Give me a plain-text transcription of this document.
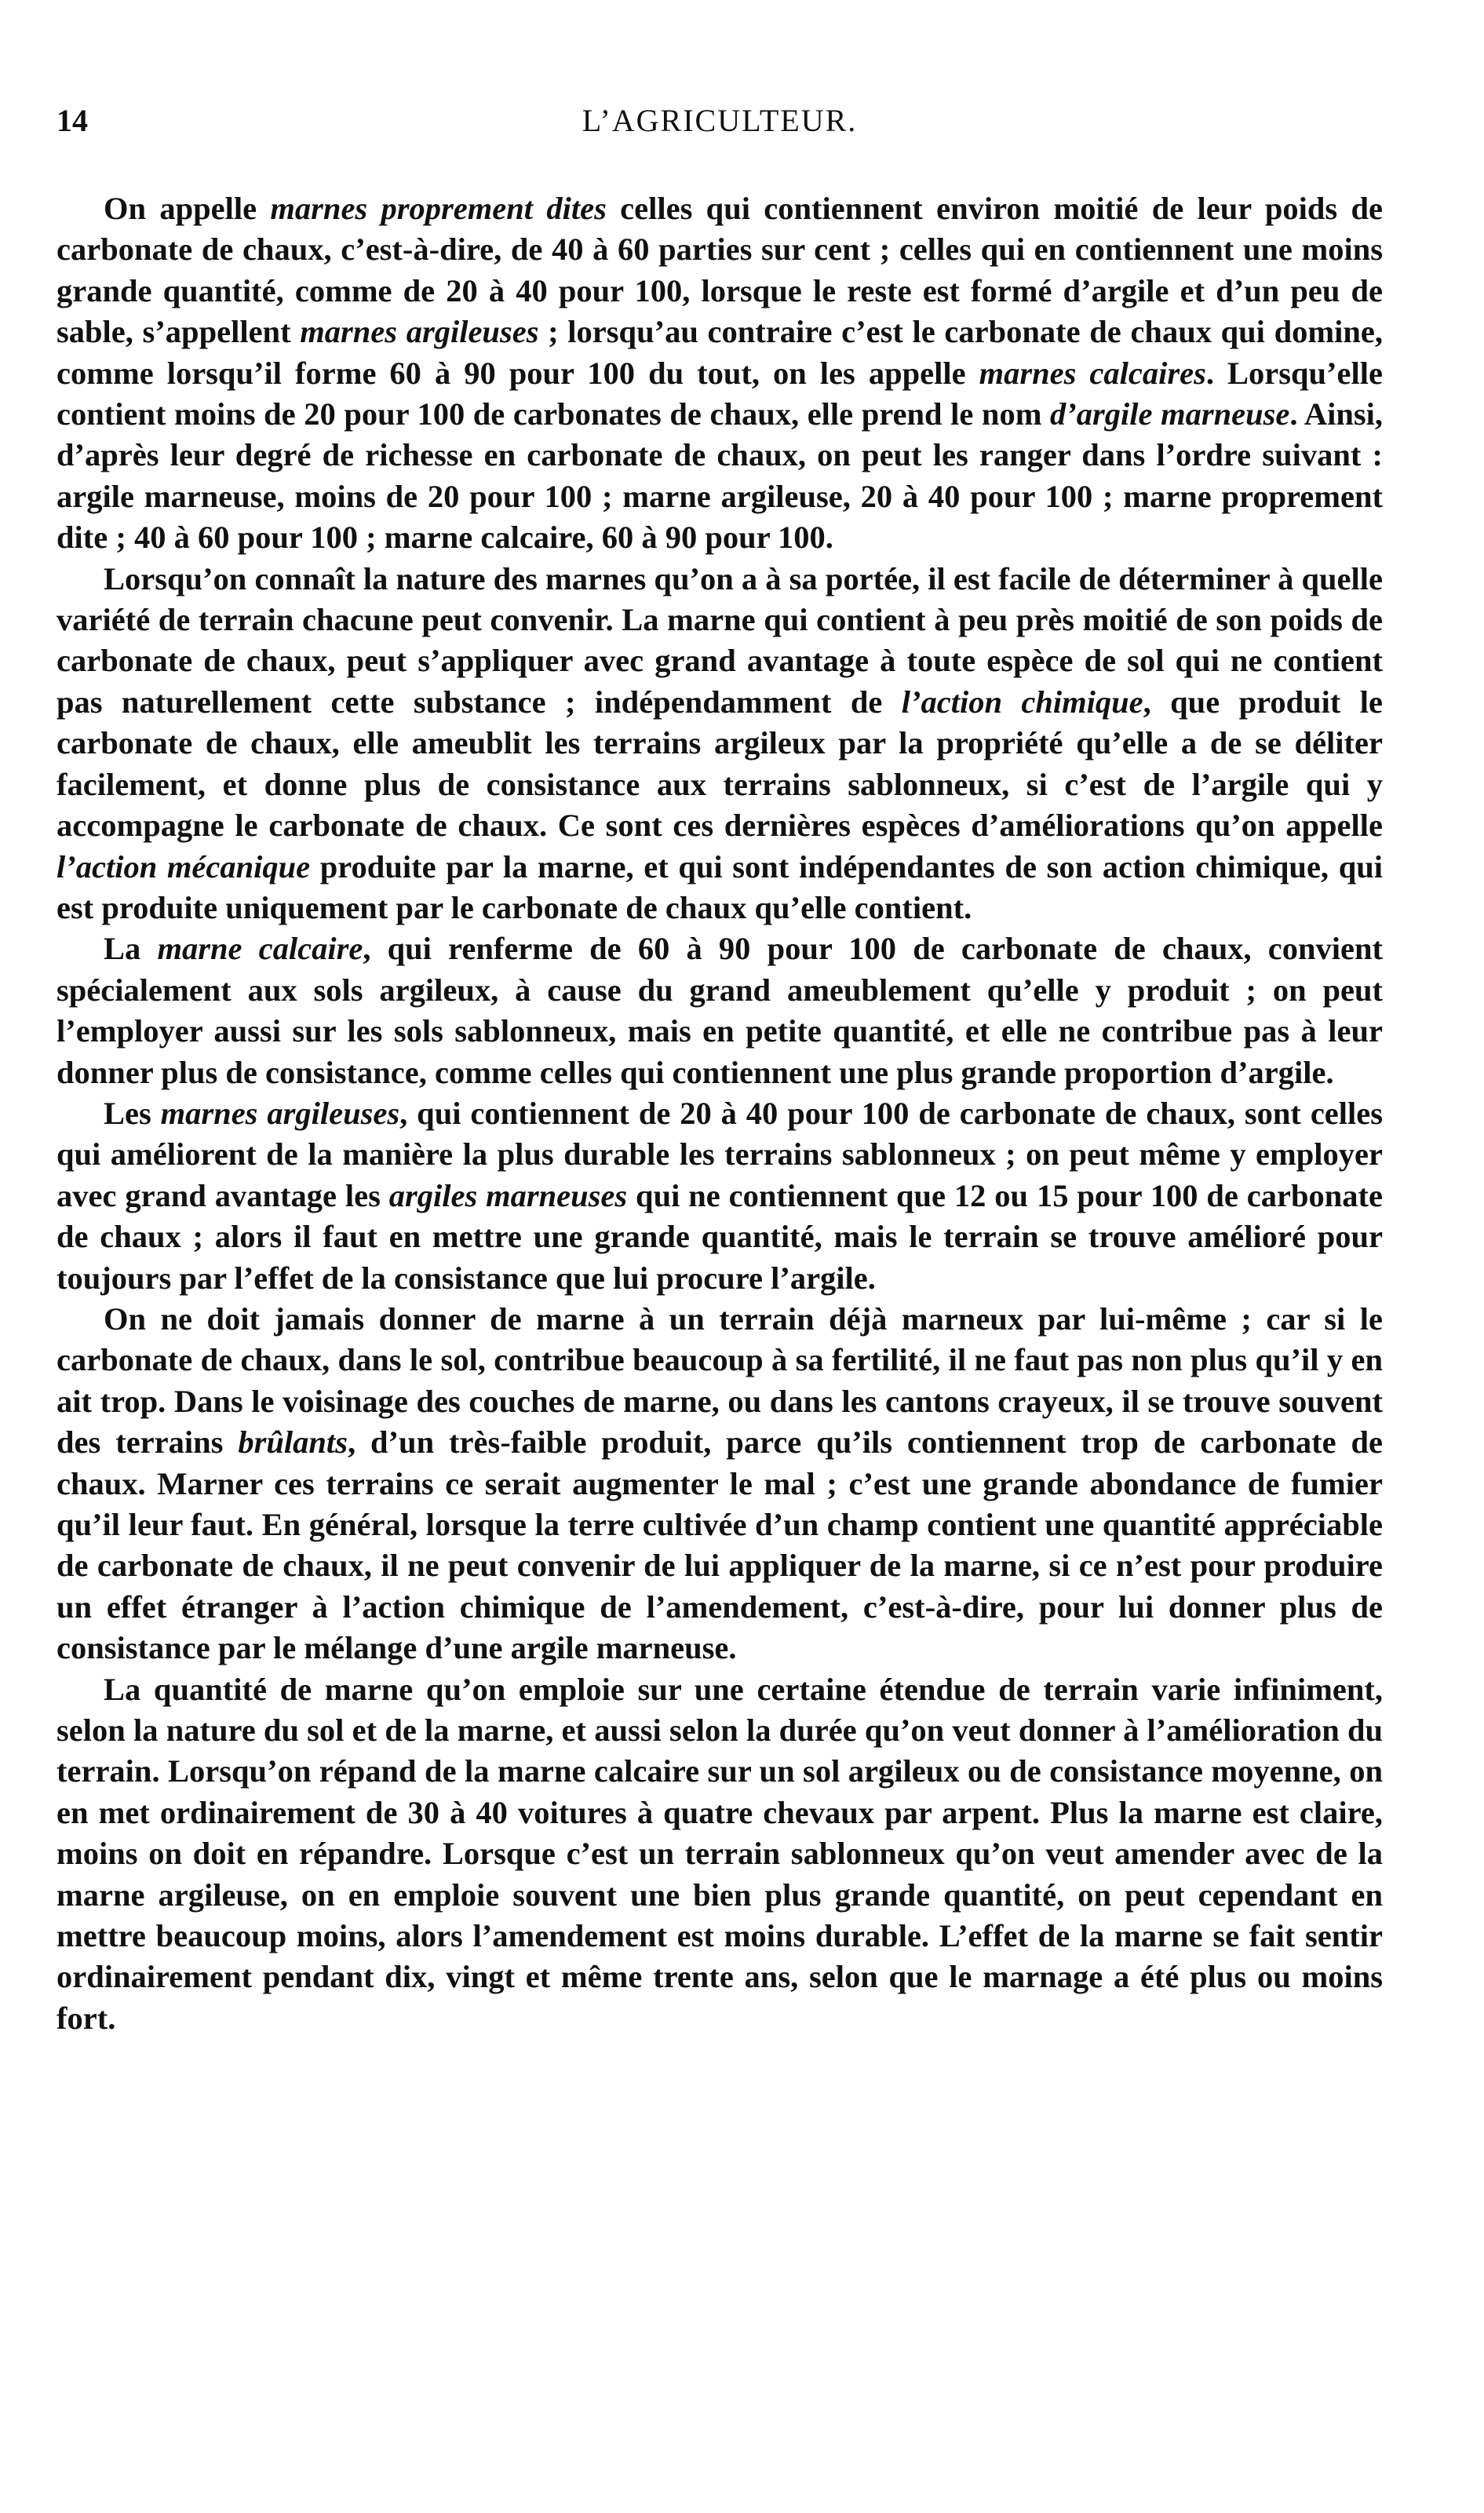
14	L’AGRICULTEUR.

On appelle marnes proprement dites celles qui contiennent environ moitié de leur poids de carbonate de chaux, c’est-à-dire, de 40 à 60 parties sur cent ; celles qui en contiennent une moins grande quantité, comme de 20 à 40 pour 100, lorsque le reste est formé d’argile et d’un peu de sable, s’appellent marnes argileuses ; lorsqu’au contraire c’est le carbonate de chaux qui domine, comme lorsqu’il forme 60 à 90 pour 100 du tout, on les appelle marnes calcaires. Lorsqu’elle contient moins de 20 pour 100 de carbonates de chaux, elle prend le nom d’argile marneuse. Ainsi, d’après leur degré de richesse en carbonate de chaux, on peut les ranger dans l’ordre suivant : argile marneuse, moins de 20 pour 100 ; marne argileuse, 20 à 40 pour 100 ; marne proprement dite ; 40 à 60 pour 100 ; marne calcaire, 60 à 90 pour 100.

Lorsqu’on connaît la nature des marnes qu’on a à sa portée, il est facile de déterminer à quelle variété de terrain chacune peut convenir. La marne qui contient à peu près moitié de son poids de carbonate de chaux, peut s’appliquer avec grand avantage à toute espèce de sol qui ne contient pas naturellement cette substance ; indépendamment de l’action chimique, que produit le carbonate de chaux, elle ameublit les terrains argileux par la propriété qu’elle a de se déliter facilement, et donne plus de consistance aux terrains sablonneux, si c’est de l’argile qui y accompagne le carbonate de chaux. Ce sont ces dernières espèces d’améliorations qu’on appelle l’action mécanique produite par la marne, et qui sont indépendantes de son action chimique, qui est produite uniquement par le carbonate de chaux qu’elle contient.

La marne calcaire, qui renferme de 60 à 90 pour 100 de carbonate de chaux, convient spécialement aux sols argileux, à cause du grand ameublement qu’elle y produit ; on peut l’employer aussi sur les sols sablonneux, mais en petite quantité, et elle ne contribue pas à leur donner plus de consistance, comme celles qui contiennent une plus grande proportion d’argile.

Les marnes argileuses, qui contiennent de 20 à 40 pour 100 de carbonate de chaux, sont celles qui améliorent de la manière la plus durable les terrains sablonneux ; on peut même y employer avec grand avantage les argiles marneuses qui ne contiennent que 12 ou 15 pour 100 de carbonate de chaux ; alors il faut en mettre une grande quantité, mais le terrain se trouve amélioré pour toujours par l’effet de la consistance que lui procure l’argile.

On ne doit jamais donner de marne à un terrain déjà marneux par lui-même ; car si le carbonate de chaux, dans le sol, contribue beaucoup à sa fertilité, il ne faut pas non plus qu’il y en ait trop. Dans le voisinage des couches de marne, ou dans les cantons crayeux, il se trouve souvent des terrains brûlants, d’un très-faible produit, parce qu’ils contiennent trop de carbonate de chaux. Marner ces terrains ce serait augmenter le mal ; c’est une grande abondance de fumier qu’il leur faut. En général, lorsque la terre cultivée d’un champ contient une quantité appréciable de carbonate de chaux, il ne peut convenir de lui appliquer de la marne, si ce n’est pour produire un effet étranger à l’action chimique de l’amendement, c’est-à-dire, pour lui donner plus de consistance par le mélange d’une argile marneuse.

La quantité de marne qu’on emploie sur une certaine étendue de terrain varie infiniment, selon la nature du sol et de la marne, et aussi selon la durée qu’on veut donner à l’amélioration du terrain. Lorsqu’on répand de la marne calcaire sur un sol argileux ou de consistance moyenne, on en met ordinairement de 30 à 40 voitures à quatre chevaux par arpent. Plus la marne est claire, moins on doit en répandre. Lorsque c’est un terrain sablonneux qu’on veut amender avec de la marne argileuse, on en emploie souvent une bien plus grande quantité, on peut cependant en mettre beaucoup moins, alors l’amendement est moins durable. L’effet de la marne se fait sentir ordinairement pendant dix, vingt et même trente ans, selon que le marnage a été plus ou moins fort.
